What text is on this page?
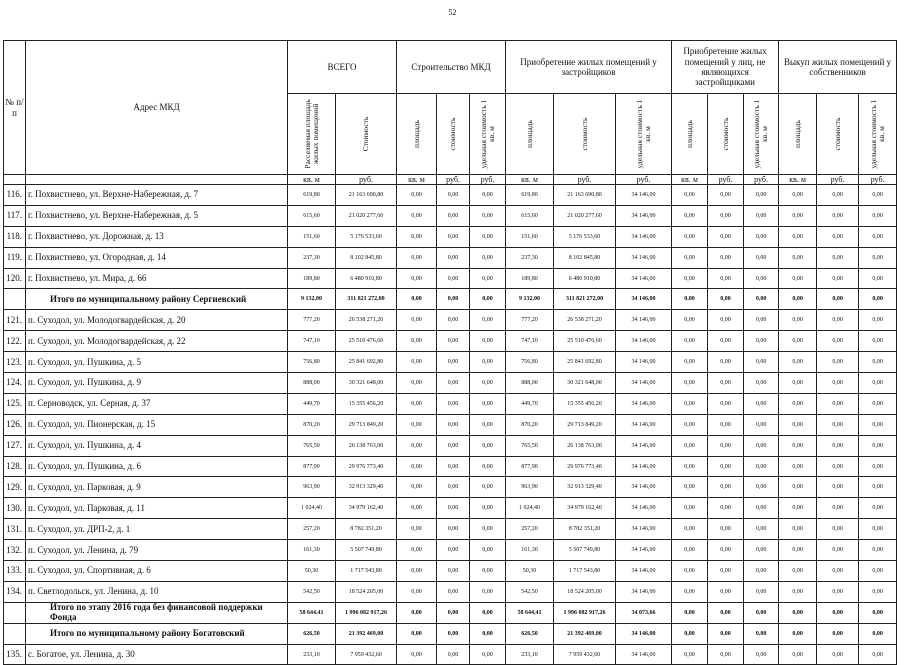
52
№ п/п	Адрес МКД	ВСЕГО		Строительство МКД			Приобретение жилых помещений у застройщиков			Приобретение жилых помещений у лиц, не являющихся застройщиками			Выкуп жилых помещений у собственников		

		Расселяемая площадь жилых помещений	Стоимость	площадь	стоимость	удельная стоимость 1 кв. м	площадь	стоимость	удельная стоимость 1 кв. м	площадь	стоимость	удельная стоимость 1 кв. м	площадь	стоимость	удельная стоимость 1 кв. м

		кв. м	руб.	кв. м	руб.	руб.	кв. м	руб.	руб.	кв. м	руб.	руб.	кв. м	руб.	руб.
116.	г. Похвистнево, ул. Верхне-Набережная, д. 7	619,80	21 163 690,80	0,00	0,00	0,00	619,80	21 163 690,80	34 146,00	0,00	0,00	0,00	0,00	0,00	0,00
117.	г. Похвистнево, ул. Верхне-Набережная, д. 5	615,60	21 020 277,60	0,00	0,00	0,00	615,60	21 020 277,60	34 146,00	0,00	0,00	0,00	0,00	0,00	0,00
118.	г. Похвистнево, ул. Дорожная, д. 13	151,60	5 176 533,60	0,00	0,00	0,00	151,60	5 176 533,60	34 146,00	0,00	0,00	0,00	0,00	0,00	0,00
119.	г. Похвистнево, ул. Огородная, д. 14	237,30	8 102 845,80	0,00	0,00	0,00	237,30	8 102 845,80	34 146,00	0,00	0,00	0,00	0,00	0,00	0,00
120.	г. Похвистнево, ул. Мира, д. 66	189,80	6 480 910,80	0,00	0,00	0,00	189,80	6 480 910,80	34 146,00	0,00	0,00	0,00	0,00	0,00	0,00
	Итого по муниципальному району Сергиевский	9 132,00	311 821 272,00	0,00	0,00	0,00	9 132,00	311 821 272,00	34 146,00	0,00	0,00	0,00	0,00	0,00	0,00
121.	п. Суходол, ул. Молодогвардейская, д. 20	777,20	26 538 271,20	0,00	0,00	0,00	777,20	26 538 271,20	34 146,00	0,00	0,00	0,00	0,00	0,00	0,00
122.	п. Суходол, ул. Молодогвардейская, д. 22	747,10	25 510 476,60	0,00	0,00	0,00	747,10	25 510 476,60	34 146,00	0,00	0,00	0,00	0,00	0,00	0,00
123.	п. Суходол, ул. Пушкина, д. 5	756,80	25 841 692,80	0,00	0,00	0,00	756,80	25 841 692,80	34 146,00	0,00	0,00	0,00	0,00	0,00	0,00
124.	п. Суходол, ул. Пушкина, д. 9	888,00	30 321 648,00	0,00	0,00	0,00	888,00	30 321 648,00	34 146,00	0,00	0,00	0,00	0,00	0,00	0,00
125.	п. Серноводск, ул. Серная, д. 37	449,70	15 355 456,20	0,00	0,00	0,00	449,70	15 355 456,20	34 146,00	0,00	0,00	0,00	0,00	0,00	0,00
126.	п. Суходол, ул. Пионерская, д. 15	870,20	29 713 849,20	0,00	0,00	0,00	870,20	29 713 849,20	34 146,00	0,00	0,00	0,00	0,00	0,00	0,00
127.	п. Суходол, ул. Пушкина, д. 4	765,50	26 138 763,00	0,00	0,00	0,00	765,50	26 138 763,00	34 146,00	0,00	0,00	0,00	0,00	0,00	0,00
128.	п. Суходол, ул. Пушкина, д. 6	877,90	29 976 773,40	0,00	0,00	0,00	877,90	29 976 773,40	34 146,00	0,00	0,00	0,00	0,00	0,00	0,00
129.	п. Суходол, ул. Парковая, д. 9	963,90	32 913 329,40	0,00	0,00	0,00	963,90	32 913 329,40	34 146,00	0,00	0,00	0,00	0,00	0,00	0,00
130.	п. Суходол, ул. Парковая, д. 11	1 024,40	34 979 162,40	0,00	0,00	0,00	1 024,40	34 979 162,40	34 146,00	0,00	0,00	0,00	0,00	0,00	0,00
131.	п. Суходол, ул. ДРП-2, д. 1	257,20	8 782 351,20	0,00	0,00	0,00	257,20	8 782 351,20	34 146,00	0,00	0,00	0,00	0,00	0,00	0,00
132.	п. Суходол, ул. Ленина, д. 79	161,30	5 507 749,80	0,00	0,00	0,00	161,30	5 507 749,80	34 146,00	0,00	0,00	0,00	0,00	0,00	0,00
133.	п. Суходол, ул. Спортивная, д. 6	50,30	1 717 543,80	0,00	0,00	0,00	50,30	1 717 543,80	34 146,00	0,00	0,00	0,00	0,00	0,00	0,00
134.	п. Светлодольск, ул. Ленина, д. 10	542,50	18 524 205,00	0,00	0,00	0,00	542,50	18 524 205,00	34 146,00	0,00	0,00	0,00	0,00	0,00	0,00
	Итого по этапу 2016 года без финансовой поддержки Фонда	58 644,41	1 996 082 917,26	0,00	0,00	0,00	58 644,41	1 996 082 917,26	34 073,66	0,00	0,00	0,00	0,00	0,00	0,00
	Итого по муниципальному району Богатовский	626,50	21 392 469,00	0,00	0,00	0,00	626,50	21 392 469,00	34 146,00	0,00	0,00	0,00	0,00	0,00	0,00
135.	с. Богатое, ул. Ленина, д. 30	233,10	7 959 432,60	0,00	0,00	0,00	233,10	7 959 432,60	34 146,00	0,00	0,00	0,00	0,00	0,00	0,00
